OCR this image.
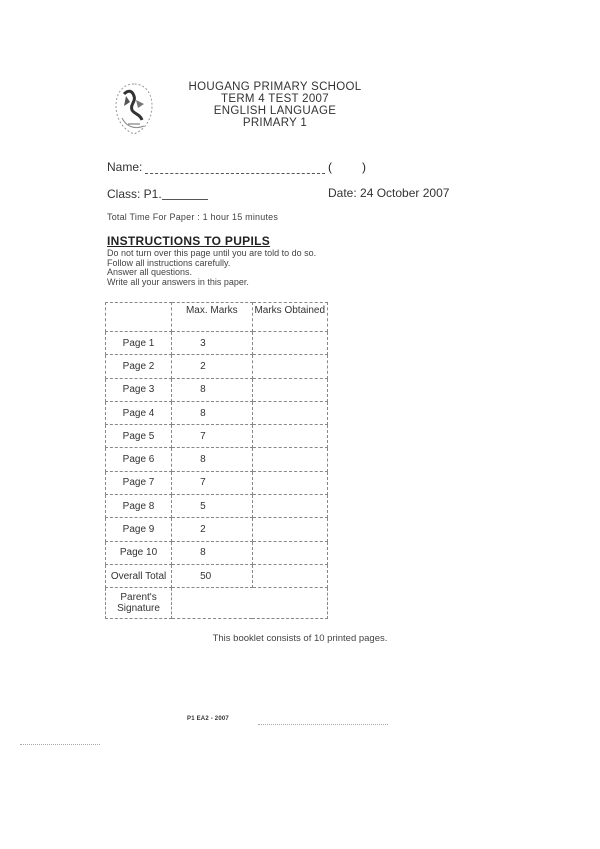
HOUGANG PRIMARY SCHOOL
TERM 4 TEST 2007
ENGLISH LANGUAGE
PRIMARY 1
Name:	(	)
Class: P1.	Date: 24 October 2007
Total Time For Paper : 1 hour 15 minutes
INSTRUCTIONS TO PUPILS
Do not turn over this page until you are told to do so.
Follow all instructions carefully.
Answer all questions.
Write all your answers in this paper.
	Max. Marks	Marks Obtained
Page 1	3	
Page 2	2	
Page 3	8	
Page 4	8	
Page 5	7	
Page 6	8	
Page 7	7	
Page 8	5	
Page 9	2	
Page 10	8	
Overall Total	50	

Parent's
Signature		

This booklet consists of 10 printed pages.
P1 EA2 - 2007
